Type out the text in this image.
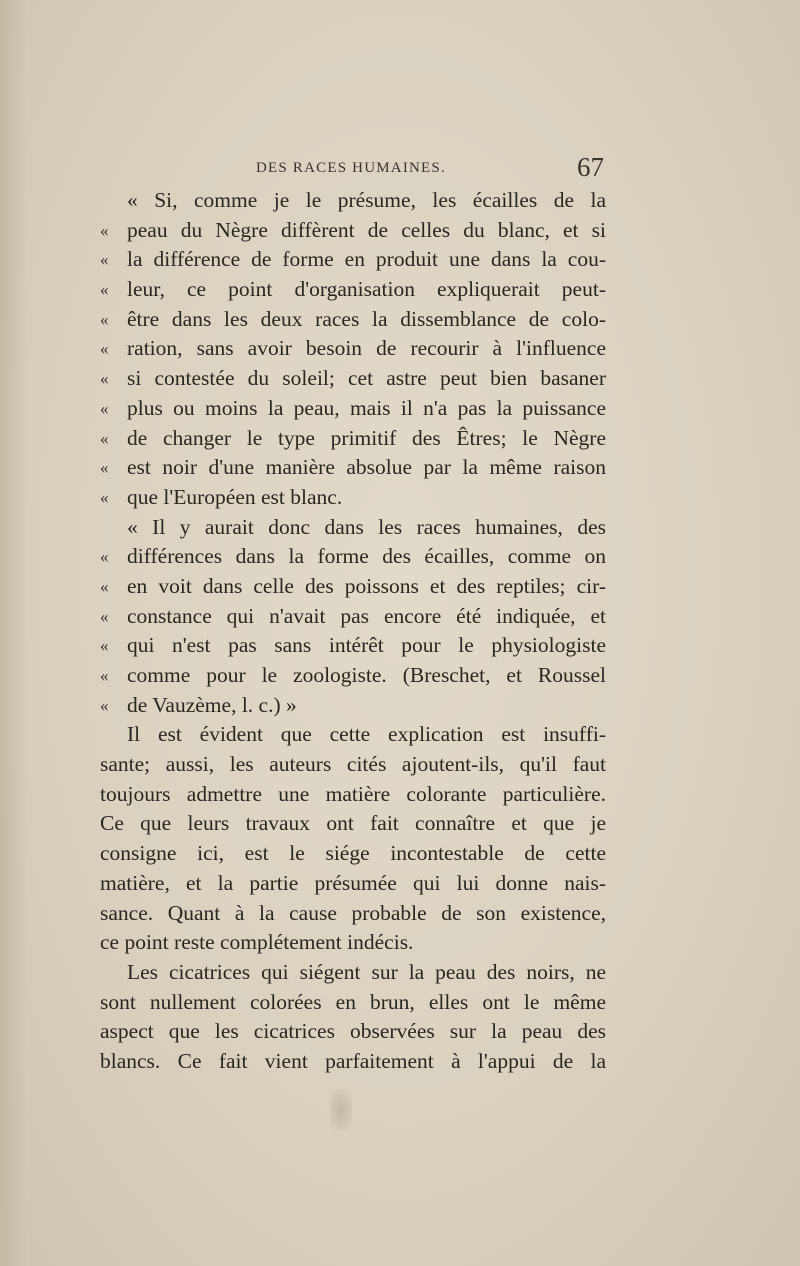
DES RACES HUMAINES.	67
« Si, comme je le présume, les écailles de la
« peau du Nègre diffèrent de celles du blanc, et si
« la différence de forme en produit une dans la cou-
« leur, ce point d'organisation expliquerait peut-
« être dans les deux races la dissemblance de colo-
« ration, sans avoir besoin de recourir à l'influence
« si contestée du soleil; cet astre peut bien basaner
« plus ou moins la peau, mais il n'a pas la puissance
« de changer le type primitif des Êtres; le Nègre
« est noir d'une manière absolue par la même raison
« que l'Européen est blanc.
« Il y aurait donc dans les races humaines, des
« différences dans la forme des écailles, comme on
« en voit dans celle des poissons et des reptiles; cir-
« constance qui n'avait pas encore été indiquée, et
« qui n'est pas sans intérêt pour le physiologiste
« comme pour le zoologiste. (Breschet, et Roussel
« de Vauzème, l. c.) »
Il est évident que cette explication est insuffi-
sante; aussi, les auteurs cités ajoutent-ils, qu'il faut
toujours admettre une matière colorante particulière.
Ce que leurs travaux ont fait connaître et que je
consigne ici, est le siége incontestable de cette
matière, et la partie présumée qui lui donne nais-
sance. Quant à la cause probable de son existence,
ce point reste complétement indécis.
Les cicatrices qui siégent sur la peau des noirs, ne
sont nullement colorées en brun, elles ont le même
aspect que les cicatrices observées sur la peau des
blancs. Ce fait vient parfaitement à l'appui de la
